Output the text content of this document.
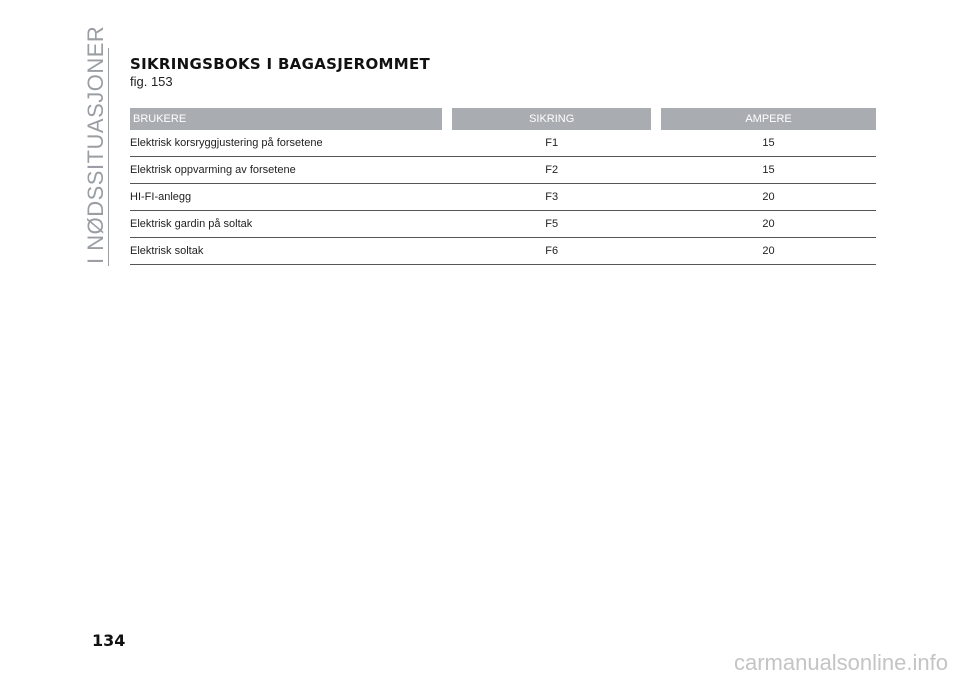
I NØDSSITUASJONER SIKRINGSBOKS I BAGASJEROMMET
fig. 153
BRUKERE		SIKRING		AMPERE
Elektrisk korsryggjustering på forsetene		F1		15
Elektrisk oppvarming av forsetene		F2		15
HI-FI-anlegg		F3		20
Elektrisk gardin på soltak		F5		20
Elektrisk soltak		F6		20
134
carmanualsonline.info
